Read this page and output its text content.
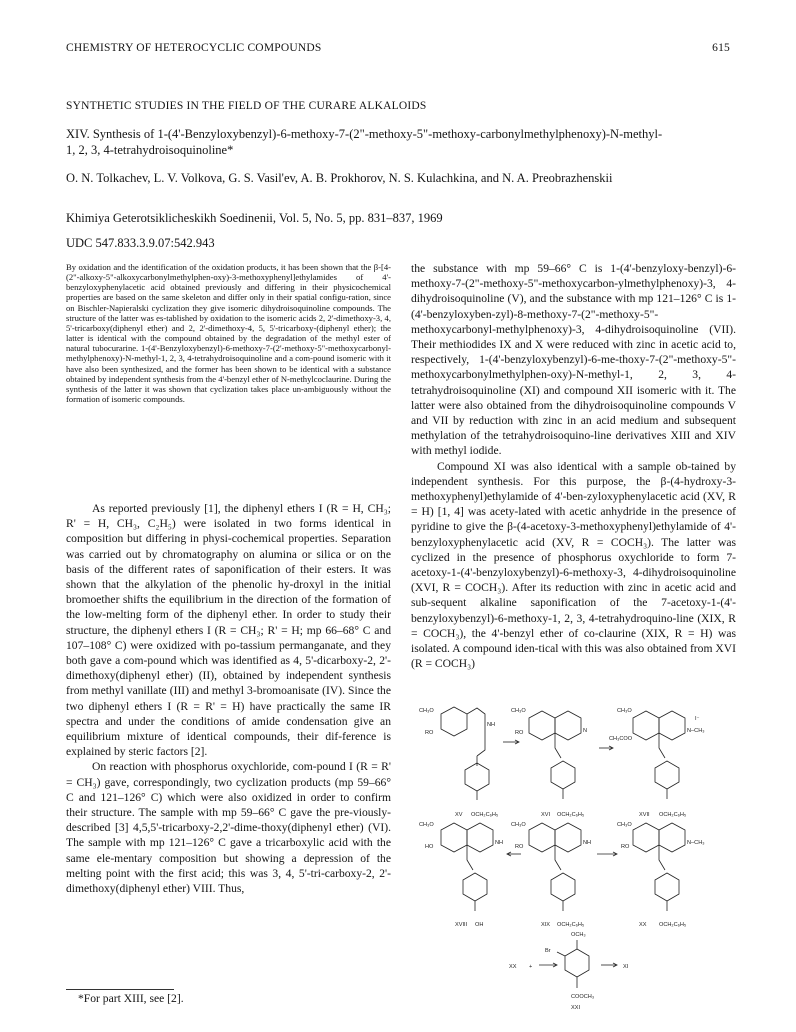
CHEMISTRY OF HETEROCYCLIC COMPOUNDS	615
SYNTHETIC STUDIES IN THE FIELD OF THE CURARE ALKALOIDS
XIV. Synthesis of 1-(4'-Benzyloxybenzyl)-6-methoxy-7-(2"-methoxy-5"-methoxy-carbonylmethylphenoxy)-N-methyl-1, 2, 3, 4-tetrahydroisoquinoline*
O. N. Tolkachev, L. V. Volkova, G. S. Vasil'ev, A. B. Prokhorov, N. S. Kulachkina, and N. A. Preobrazhenskii
Khimiya Geterotsiklicheskikh Soedinenii, Vol. 5, No. 5, pp. 831–837, 1969
UDC 547.833.3.9.07:542.943
By oxidation and the identification of the oxidation products, it has been shown that the β-[4-(2"-alkoxy-5"-alkoxycarbonylmethylphen-oxy)-3-methoxyphenyl]ethylamides of 4'-benzyloxyphenylacetic acid obtained previously and differing in their physicochemical properties are based on the same skeleton and differ only in their spatial configu-ration, since on Bischler-Napieralski cyclization they give isomeric dihydroisoquinoline compounds. The structure of the latter was es-tablished by oxidation to the isomeric acids 2, 2'-dimethoxy-3, 4, 5'-tricarboxy(diphenyl ether) and 2, 2'-dimethoxy-4, 5, 5'-tricarboxy-(diphenyl ether); the latter is identical with the compound obtained by the degradation of the methyl ester of natural tubocurarine. 1-(4'-Benzyloxybenzyl)-6-methoxy-7-(2'-methoxy-5"-methoxycarbonyl-methylphenoxy)-N-methyl-1, 2, 3, 4-tetrahydroisoquinoline and a com-pound isomeric with it have also been synthesized, and the former has been shown to be identical with a substance obtained by independent synthesis from the 4'-benzyl ether of N-methylcoclaurine. During the synthesis of the latter it was shown that cyclization takes place un-ambiguously without the formation of isomeric compounds.

As reported previously [1], the diphenyl ethers I (R = H, CH₃; R' = H, CH₃, C₂H₅) were isolated in two forms identical in composition but differing in physi-cochemical properties. Separation was carried out by chromatography on alumina or silica or on the basis of the different rates of saponification of their esters. It was shown that the alkylation of the phenolic hy-droxyl in the initial bromoether shifts the equilibrium in the direction of the formation of the low-melting form of the diphenyl ether. In order to study their structure, the diphenyl ethers I (R = CH₃; R' = H; mp 66–68° C and 107–108° C) were oxidized with po-tassium permanganate, and they both gave a com-pound which was identified as 4, 5'-dicarboxy-2, 2'-dimethoxy(diphenyl ether) (II), obtained by independent synthesis from methyl vanillate (III) and methyl 3-bromoanisate (IV). Since the two diphenyl ethers I (R = R' = H) have practically the same IR spectra and under the conditions of amide condensation give an equilibrium mixture of identical compounds, their dif-ference is explained by steric factors [2].

On reaction with phosphorus oxychloride, com-pound I (R = R' = CH₃) gave, correspondingly, two cyclization products (mp 59–66° C and 121–126° C) which were also oxidized in order to confirm their structure. The sample with mp 59–66° C gave the pre-viously-described [3] 4,5,5'-tricarboxy-2,2'-dime-thoxy(diphenyl ether) (VI). The sample with mp 121–126° C gave a tricarboxylic acid with the same ele-mentary composition but showing a depression of the melting point with the first acid; this was 3, 4, 5'-tri-carboxy-2, 2'-dimethoxy(diphenyl ether) VIII. Thus,

the substance with mp 59–66° C is 1-(4'-benzyloxy-benzyl)-6-methoxy-7-(2"-methoxy-5"-methoxycarbon-ylmethylphenoxy)-3, 4-dihydroisoquinoline (V), and the substance with mp 121–126° C is 1-(4'-benzyloxyben-zyl)-8-methoxy-7-(2"-methoxy-5"-methoxycarbonyl-methylphenoxy)-3, 4-dihydroisoquinoline (VII). Their methiodides IX and X were reduced with zinc in acetic acid to, respectively, 1-(4'-benzyloxybenzyl)-6-me-thoxy-7-(2"-methoxy-5"-methoxycarbonylmethylphen-oxy)-N-methyl-1, 2, 3, 4-tetrahydroisoquinoline (XI) and compound XII isomeric with it. The latter were also obtained from the dihydroisoquinoline compounds V and VII by reduction with zinc in an acid medium and subsequent methylation of the tetrahydroisoquino-line derivatives XIII and XIV with methyl iodide.

Compound XI was also identical with a sample ob-tained by independent synthesis. For this purpose, the β-(4-hydroxy-3-methoxyphenyl)ethylamide of 4'-ben-zyloxyphenylacetic acid (XV, R = H) [1, 4] was acety-lated with acetic anhydride in the presence of pyridine to give the β-(4-acetoxy-3-methoxyphenyl)ethylamide of 4'-benzyloxyphenylacetic acid (XV, R = COCH₃). The latter was cyclized in the presence of phosphorus oxychloride to form 7-acetoxy-1-(4'-benzyloxybenzyl)-6-methoxy-3, 4-dihydroisoquinoline (XVI, R = COCH₃). After its reduction with zinc in acetic acid and sub-sequent alkaline saponification of the 7-acetoxy-1-(4'-benzyloxybenzyl)-6-methoxy-1, 2, 3, 4-tetrahydroquino-line (XIX, R = COCH₃), the 4'-benzyl ether of co-claurine (XIX, R = H) was isolated. A compound iden-tical with this was also obtained from XVI (R = COCH₃)

*For part XIII, see [2].
CH₃O
RO
NH
XV OCH₂C₆H₅
CH₃O
RO	N
XVI OCH₂C₆H₅
CH₃O
CH₃COO
N–CH₃
I⁻
XVII OCH₂C₆H₅
CH₃O
HO
NH
XVIII OH
CH₃O
RO
NH
XIX OCH₂C₆H₅
CH₃O
RO
N–CH₃
XX OCH₂C₆H₅
OCH₃
Br
XX +	XI
COOCH₃
XXI
